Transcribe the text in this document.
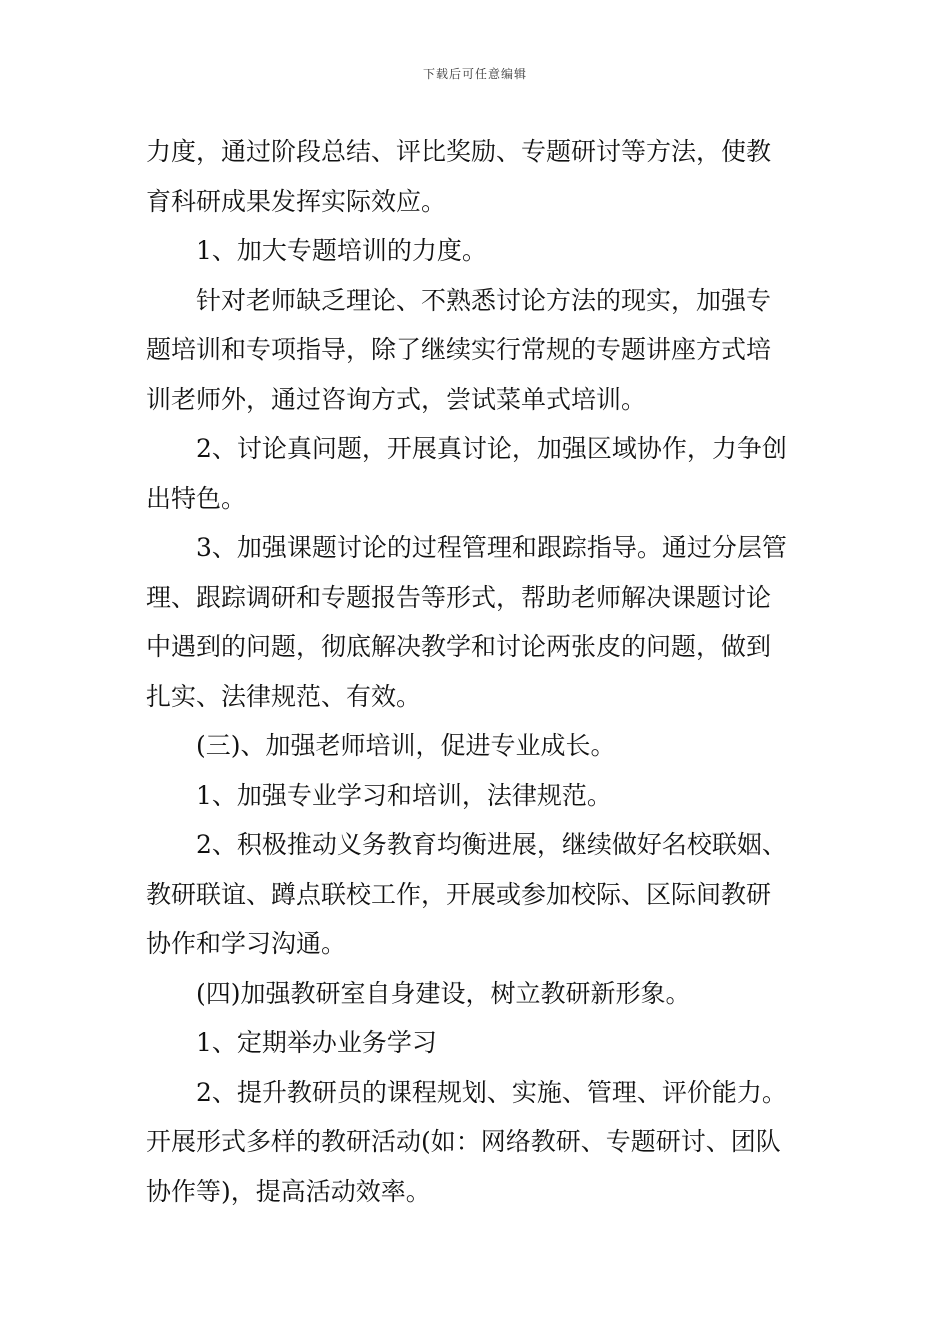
下载后可任意编辑
力度，通过阶段总结、评比奖励、专题研讨等方法，使教
育科研成果发挥实际效应。
1、加大专题培训的力度。
针对老师缺乏理论、不熟悉讨论方法的现实，加强专
题培训和专项指导，除了继续实行常规的专题讲座方式培
训老师外，通过咨询方式，尝试菜单式培训。
2、讨论真问题，开展真讨论，加强区域协作，力争创
出特色。
3、加强课题讨论的过程管理和跟踪指导。通过分层管
理、跟踪调研和专题报告等形式，帮助老师解决课题讨论
中遇到的问题，彻底解决教学和讨论两张皮的问题，做到
扎实、法律规范、有效。
(三)、加强老师培训，促进专业成长。
1、加强专业学习和培训，法律规范。
2、积极推动义务教育均衡进展，继续做好名校联姻、
教研联谊、蹲点联校工作，开展或参加校际、区际间教研
协作和学习沟通。
(四)加强教研室自身建设，树立教研新形象。
1、定期举办业务学习
2、提升教研员的课程规划、实施、管理、评价能力。
开展形式多样的教研活动(如：网络教研、专题研讨、团队
协作等)，提高活动效率。
